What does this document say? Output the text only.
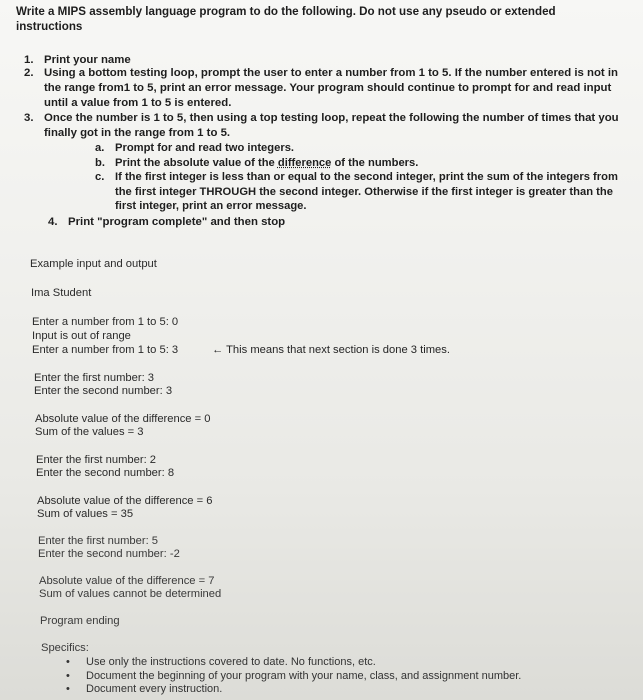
Write a MIPS assembly language program to do the following. Do not use any pseudo or extended instructions
1. Print your name
2. Using a bottom testing loop, prompt the user to enter a number from 1 to 5. If the number entered is not in the range from1 to 5, print an error message. Your program should continue to prompt for and read input until a value from 1 to 5 is entered.
3. Once the number is 1 to 5, then using a top testing loop, repeat the following the number of times that you finally got in the range from 1 to 5.
a. Prompt for and read two integers.
b. Print the absolute value of the difference of the numbers.
c. If the first integer is less than or equal to the second integer, print the sum of the integers from the first integer THROUGH the second integer. Otherwise if the first integer is greater than the first integer, print an error message.
4. Print "program complete" and then stop
Example input and output
Ima Student
Enter a number from 1 to 5: 0
Input is out of range
Enter a number from 1 to 5: 3	← This means that next section is done 3 times.
Enter the first number: 3
Enter the second number: 3
Absolute value of the difference = 0
Sum of the values = 3
Enter the first number: 2
Enter the second number: 8
Absolute value of the difference = 6
Sum of values = 35
Enter the first number: 5
Enter the second number: -2
Absolute value of the difference = 7
Sum of values cannot be determined
Program ending
Specifics:
• Use only the instructions covered to date. No functions, etc.
• Document the beginning of your program with your name, class, and assignment number.
• Document every instruction.
